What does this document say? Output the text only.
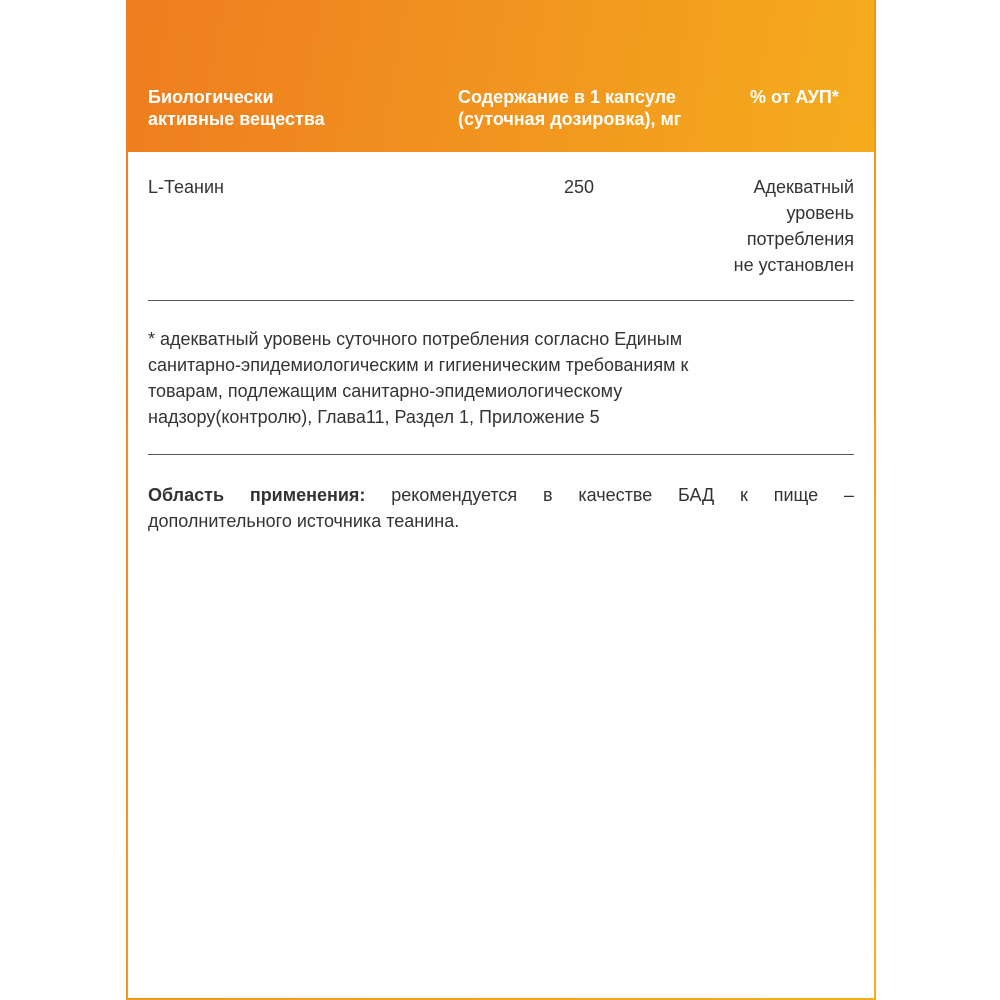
Биологически
активные вещества
Содержание в 1 капсуле
(суточная дозировка), мг
% от АУП*
L-Теанин	250	Адекватный
уровень
потребления
не установлен
* адекватный уровень суточного потребления согласно Единым
санитарно-эпидемиологическим и гигиеническим требованиям к
товарам, подлежащим санитарно-эпидемиологическому
надзору(контролю), Глава11, Раздел 1, Приложение 5
Область применения: рекомендуется в качестве БАД к пище –
дополнительного источника теанина.
